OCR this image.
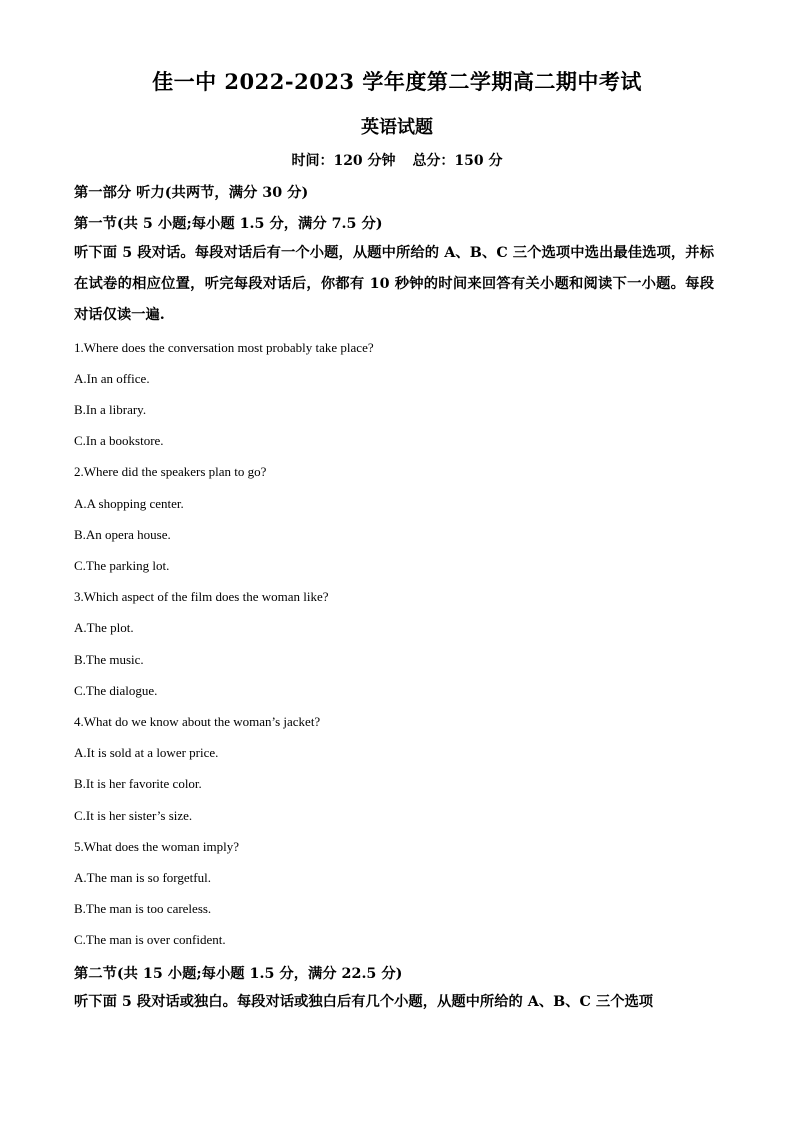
佳一中 2022-2023 学年度第二学期高二期中考试
英语试题
时间：120 分钟 总分：150 分
第一部分 听力(共两节，满分 30 分)
第一节(共 5 小题;每小题 1.5 分，满分 7.5 分)
听下面 5 段对话。每段对话后有一个小题，从题中所给的 A、B、C 三个选项中选出最佳选项，并标在试卷的相应位置，听完每段对话后，你都有 10 秒钟的时间来回答有关小题和阅读下一小题。每段对话仅读一遍.
1.Where does the conversation most probably take place?
A.In an office.
B.In a library.
C.In a bookstore.
2.Where did the speakers plan to go?
A.A shopping center.
B.An opera house.
C.The parking lot.
3.Which aspect of the film does the woman like?
A.The plot.
B.The music.
C.The dialogue.
4.What do we know about the woman’s jacket?
A.It is sold at a lower price.
B.It is her favorite color.
C.It is her sister’s size.
5.What does the woman imply?
A.The man is so forgetful.
B.The man is too careless.
C.The man is over confident.
第二节(共 15 小题;每小题 1.5 分，满分 22.5 分)
听下面 5 段对话或独白。每段对话或独白后有几个小题，从题中所给的 A、B、C 三个选项
